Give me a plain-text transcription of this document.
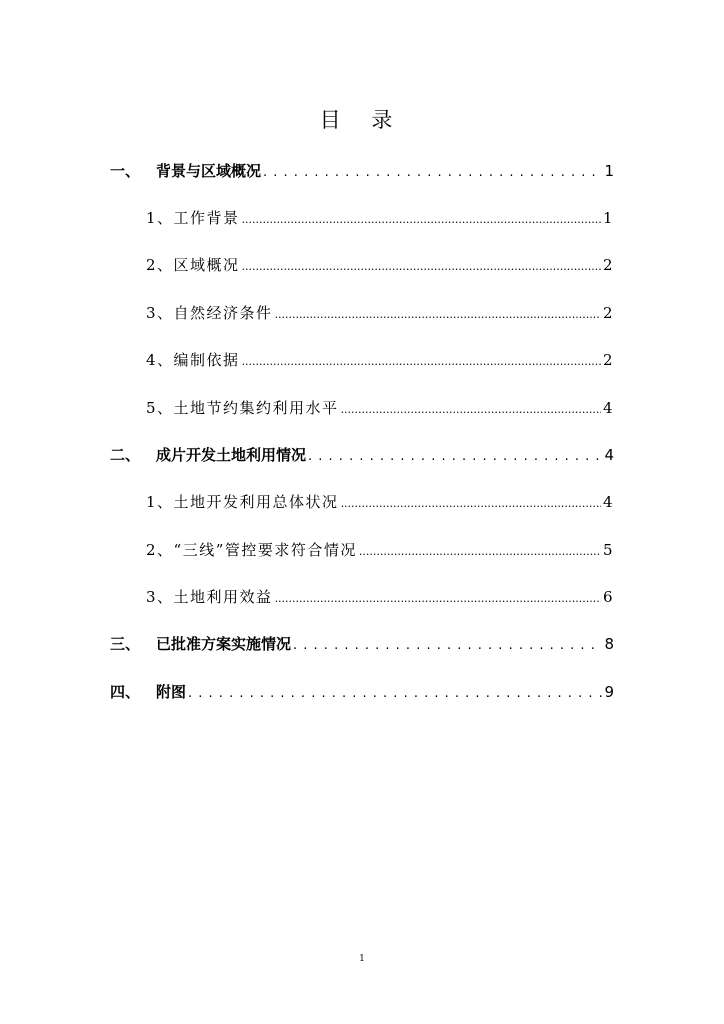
目 录
一、	背景与区域概况 . . .	1
1、 工作背景 .....	1
2、 区域概况 .....	2
3、 自然经济条件 .....	2
4、 编制依据 .....	2
5、 土地节约集约利用水平 .....	4
二、	成片开发土地利用情况 . . .	4
1、 土地开发利用总体状况 .....	4
2、 “三线”管控要求符合情况 .....	5
3、 土地利用效益 .....	6
三、	已批准方案实施情况 . . .	8
四、	附图 . . .	9
1
